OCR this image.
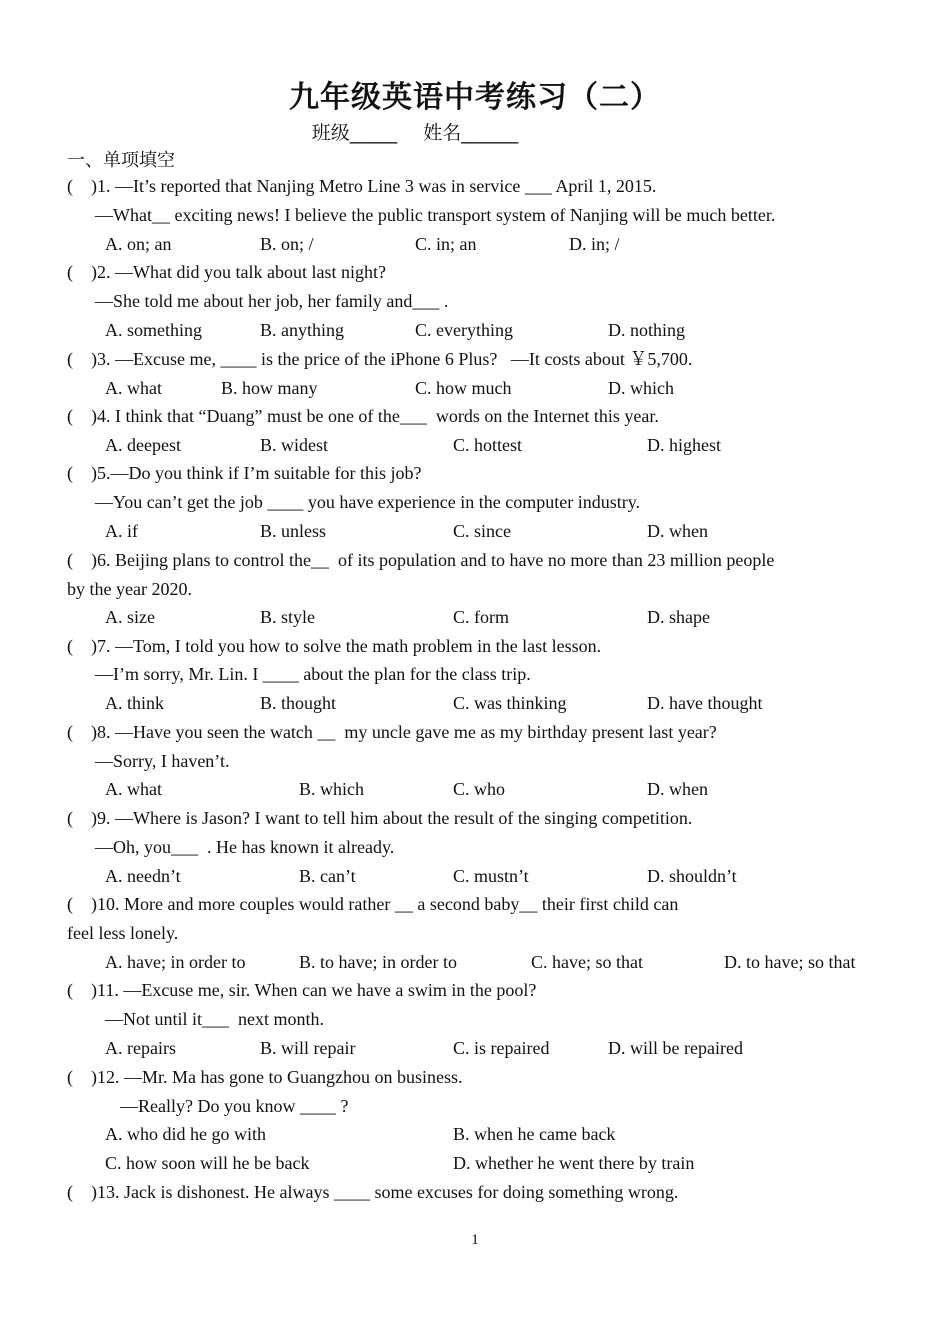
九年级英语中考练习（二）
班级_____ 姓名______
一、单项填空
(    )1. —It’s reported that Nanjing Metro Line 3 was in service ___ April 1, 2015.
—What__ exciting news! I believe the public transport system of Nanjing will be much better.
A. on; an	B. on; /	C. in; an	D. in; /
(    )2. —What did you talk about last night?
—She told me about her job, her family and___ .
A. something	B. anything	C. everything	D. nothing
(    )3. —Excuse me, ____ is the price of the iPhone 6 Plus?   —It costs about ￥5,700.
A. what	B. how many	C. how much	D. which
(    )4. I think that “Duang” must be one of the___  words on the Internet this year.
A. deepest	B. widest	C. hottest	D. highest
(    )5.—Do you think if I’m suitable for this job?
—You can’t get the job ____ you have experience in the computer industry.
A. if	B. unless	C. since	D. when
(    )6. Beijing plans to control the__  of its population and to have no more than 23 million people
by the year 2020.
A. size	B. style	C. form	D. shape
(    )7. —Tom, I told you how to solve the math problem in the last lesson.
—I’m sorry, Mr. Lin. I ____ about the plan for the class trip.
A. think	B. thought	C. was thinking	D. have thought
(    )8. —Have you seen the watch __  my uncle gave me as my birthday present last year?
—Sorry, I haven’t.
A. what	B. which	C. who	D. when
(    )9. —Where is Jason? I want to tell him about the result of the singing competition.
—Oh, you___  . He has known it already.
A. needn’t	B. can’t	C. mustn’t	D. shouldn’t
(    )10. More and more couples would rather __ a second baby__ their first child can
feel less lonely.
A. have; in order to	B. to have; in order to	C. have; so that	D. to have; so that
(    )11. —Excuse me, sir. When can we have a swim in the pool?
—Not until it___  next month.
A. repairs	B. will repair	C. is repaired	D. will be repaired
(    )12. —Mr. Ma has gone to Guangzhou on business.
—Really? Do you know ____ ?
A. who did he go with	B. when he came back
C. how soon will he be back	D. whether he went there by train
(    )13. Jack is dishonest. He always ____ some excuses for doing something wrong.
1
